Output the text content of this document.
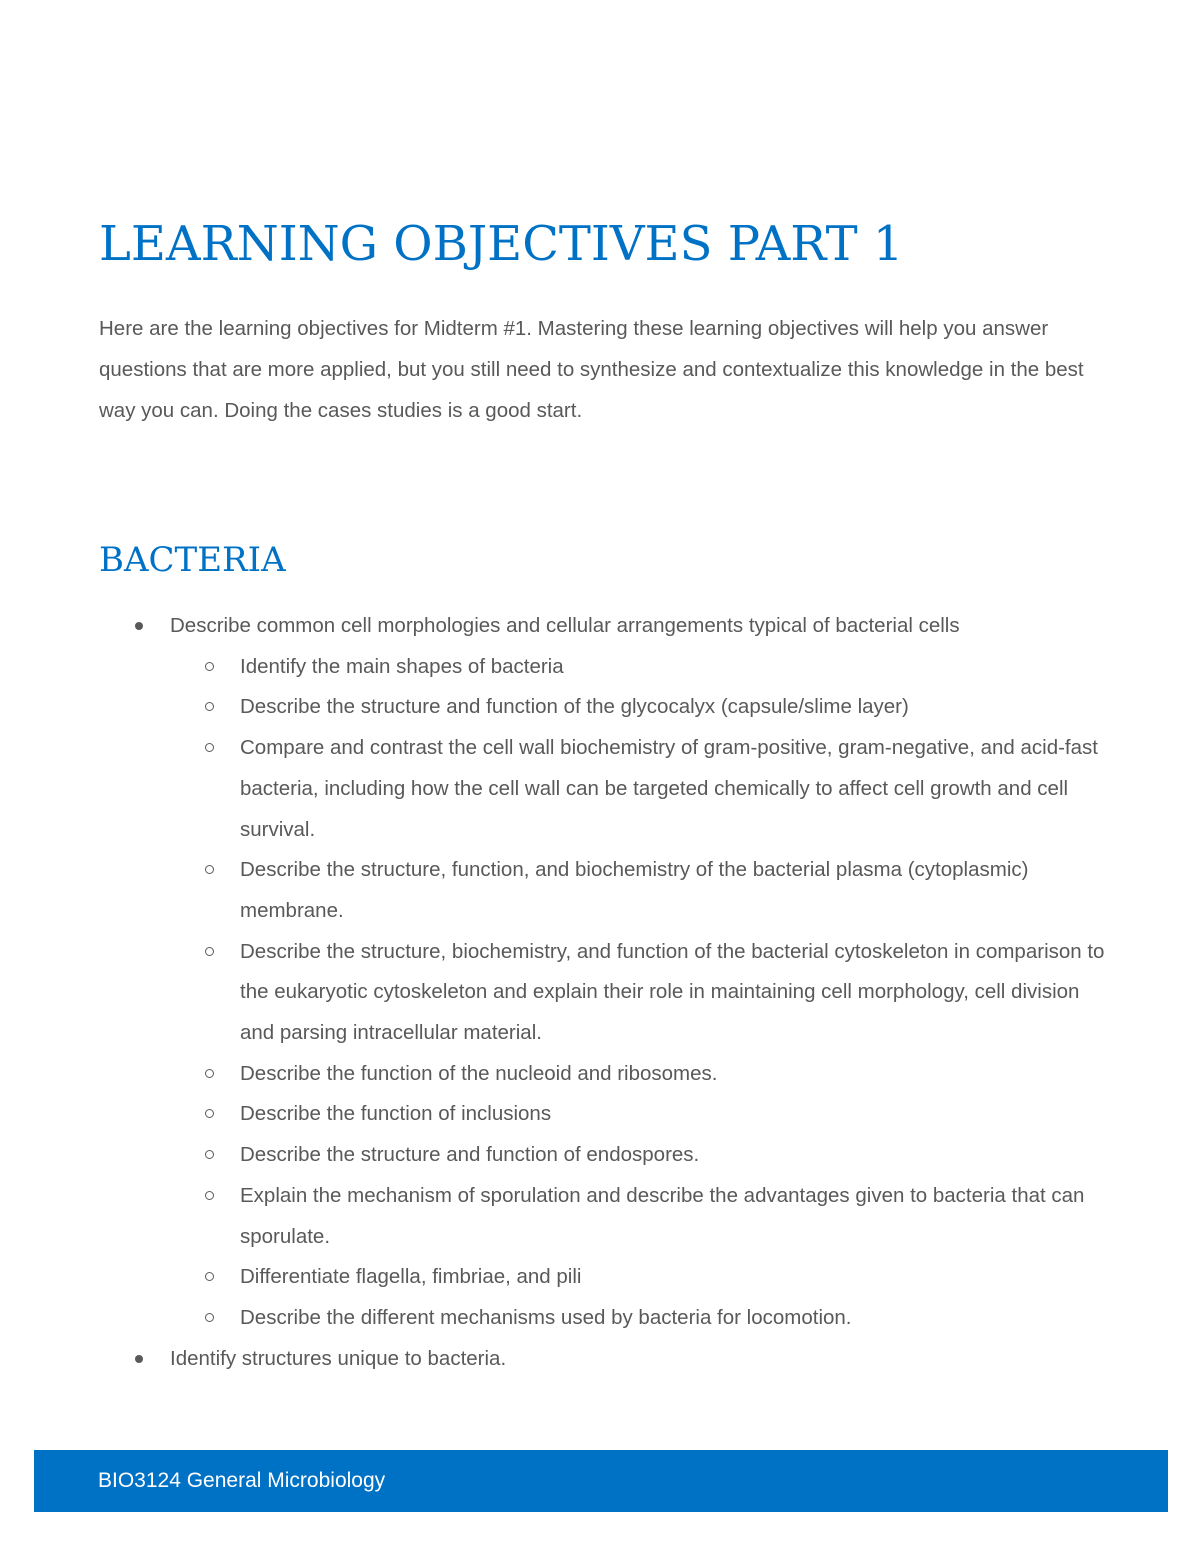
LEARNING OBJECTIVES PART 1

Here are the learning objectives for Midterm #1. Mastering these learning objectives will help you answer questions that are more applied, but you still need to synthesize and contextualize this knowledge in the best way you can. Doing the cases studies is a good start.

BACTERIA
Describe common cell morphologies and cellular arrangements typical of bacterial cells
Identify the main shapes of bacteria
Describe the structure and function of the glycocalyx (capsule/slime layer)
Compare and contrast the cell wall biochemistry of gram-positive, gram-negative, and acid-fast bacteria, including how the cell wall can be targeted chemically to affect cell growth and cell survival.
Describe the structure, function, and biochemistry of the bacterial plasma (cytoplasmic) membrane.
Describe the structure, biochemistry, and function of the bacterial cytoskeleton in comparison to the eukaryotic cytoskeleton and explain their role in maintaining cell morphology, cell division and parsing intracellular material.
Describe the function of the nucleoid and ribosomes.
Describe the function of inclusions
Describe the structure and function of endospores.
Explain the mechanism of sporulation and describe the advantages given to bacteria that can sporulate.
Differentiate flagella, fimbriae, and pili
Describe the different mechanisms used by bacteria for locomotion.
Identify structures unique to bacteria.

BIO3124 General Microbiology
